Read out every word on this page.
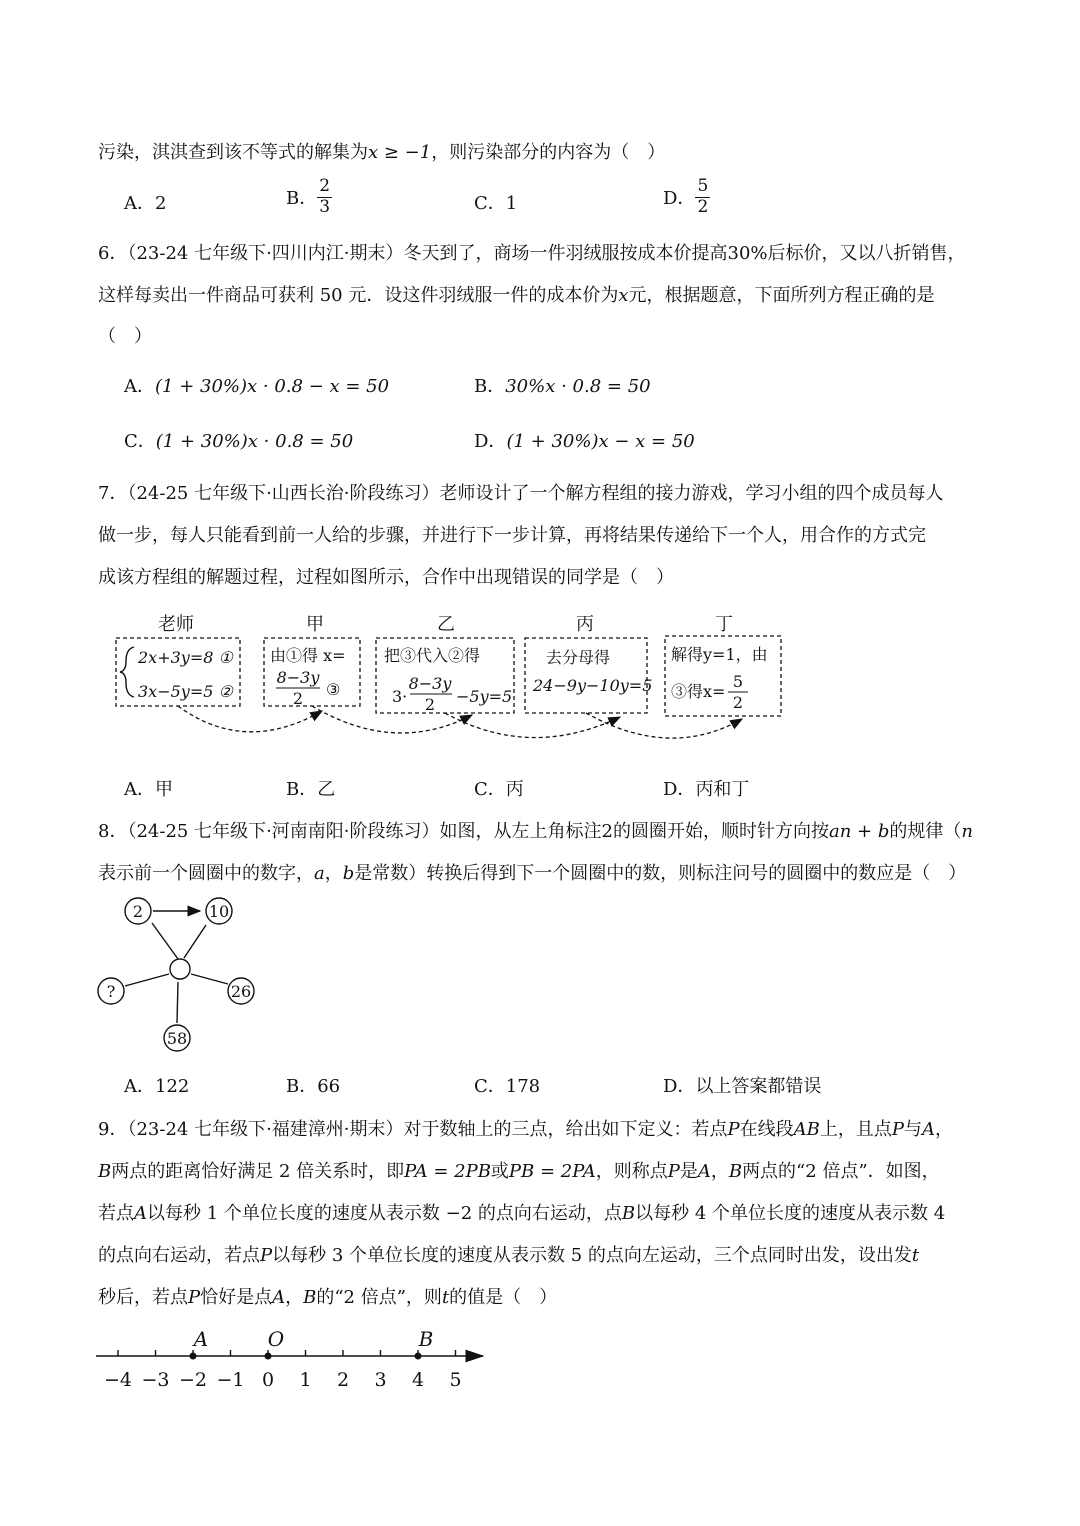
污染，淇淇查到该不等式的解集为x ≥ −1，则污染部分的内容为（　）
A．2	B． $\frac{2}{3}$	C．1	D． $\frac{5}{2}$
6．（23-24 七年级下·四川内江·期末）冬天到了，商场一件羽绒服按成本价提高30%后标价，又以八折销售，
这样每卖出一件商品可获利 50 元．设这件羽绒服一件的成本价为x元，根据题意，下面所列方程正确的是
（　）
A．(1 + 30%)x · 0.8 − x = 50	B．30%x · 0.8 = 50
C．(1 + 30%)x · 0.8 = 50	D．(1 + 30%)x − x = 50
7．（24-25 七年级下·山西长治·阶段练习）老师设计了一个解方程组的接力游戏，学习小组的四个成员每人
做一步，每人只能看到前一人给的步骤，并进行下一步计算，再将结果传递给下一个人，用合作的方式完
成该方程组的解题过程，过程如图所示，合作中出现错误的同学是（　）
老师	甲	乙	丙	丁
2x+3y=8 ①
3x−5y=5 ②
由①得 x=
8−3y
2 ③
把③代入②得
3·
8−3y
2 −5y=5
去分母得
24−9y−10y=5
解得y=1，由
③得x=
5
2
A．甲	B．乙	C．丙	D．丙和丁
8．（24-25 七年级下·河南南阳·阶段练习）如图，从左上角标注2的圆圈开始，顺时针方向按an + b的规律（n
表示前一个圆圈中的数字，a，b是常数）转换后得到下一个圆圈中的数，则标注问号的圆圈中的数应是（　）
2	10
26
58
?
A．122	B．66	C．178	D．以上答案都错误
9．（23-24 七年级下·福建漳州·期末）对于数轴上的三点，给出如下定义：若点P在线段AB上，且点P与A，
B两点的距离恰好满足 2 倍关系时，即PA = 2PB或PB = 2PA，则称点P是A，B两点的“2 倍点”．如图，
若点A以每秒 1 个单位长度的速度从表示数 −2 的点向右运动，点B以每秒 4 个单位长度的速度从表示数 4
的点向右运动，若点P以每秒 3 个单位长度的速度从表示数 5 的点向左运动，三个点同时出发，设出发t
秒后，若点P恰好是点A，B的“2 倍点”，则t的值是（　）
−4 −3 −2 −1 0 1 2 3 4 5
A	O	B
